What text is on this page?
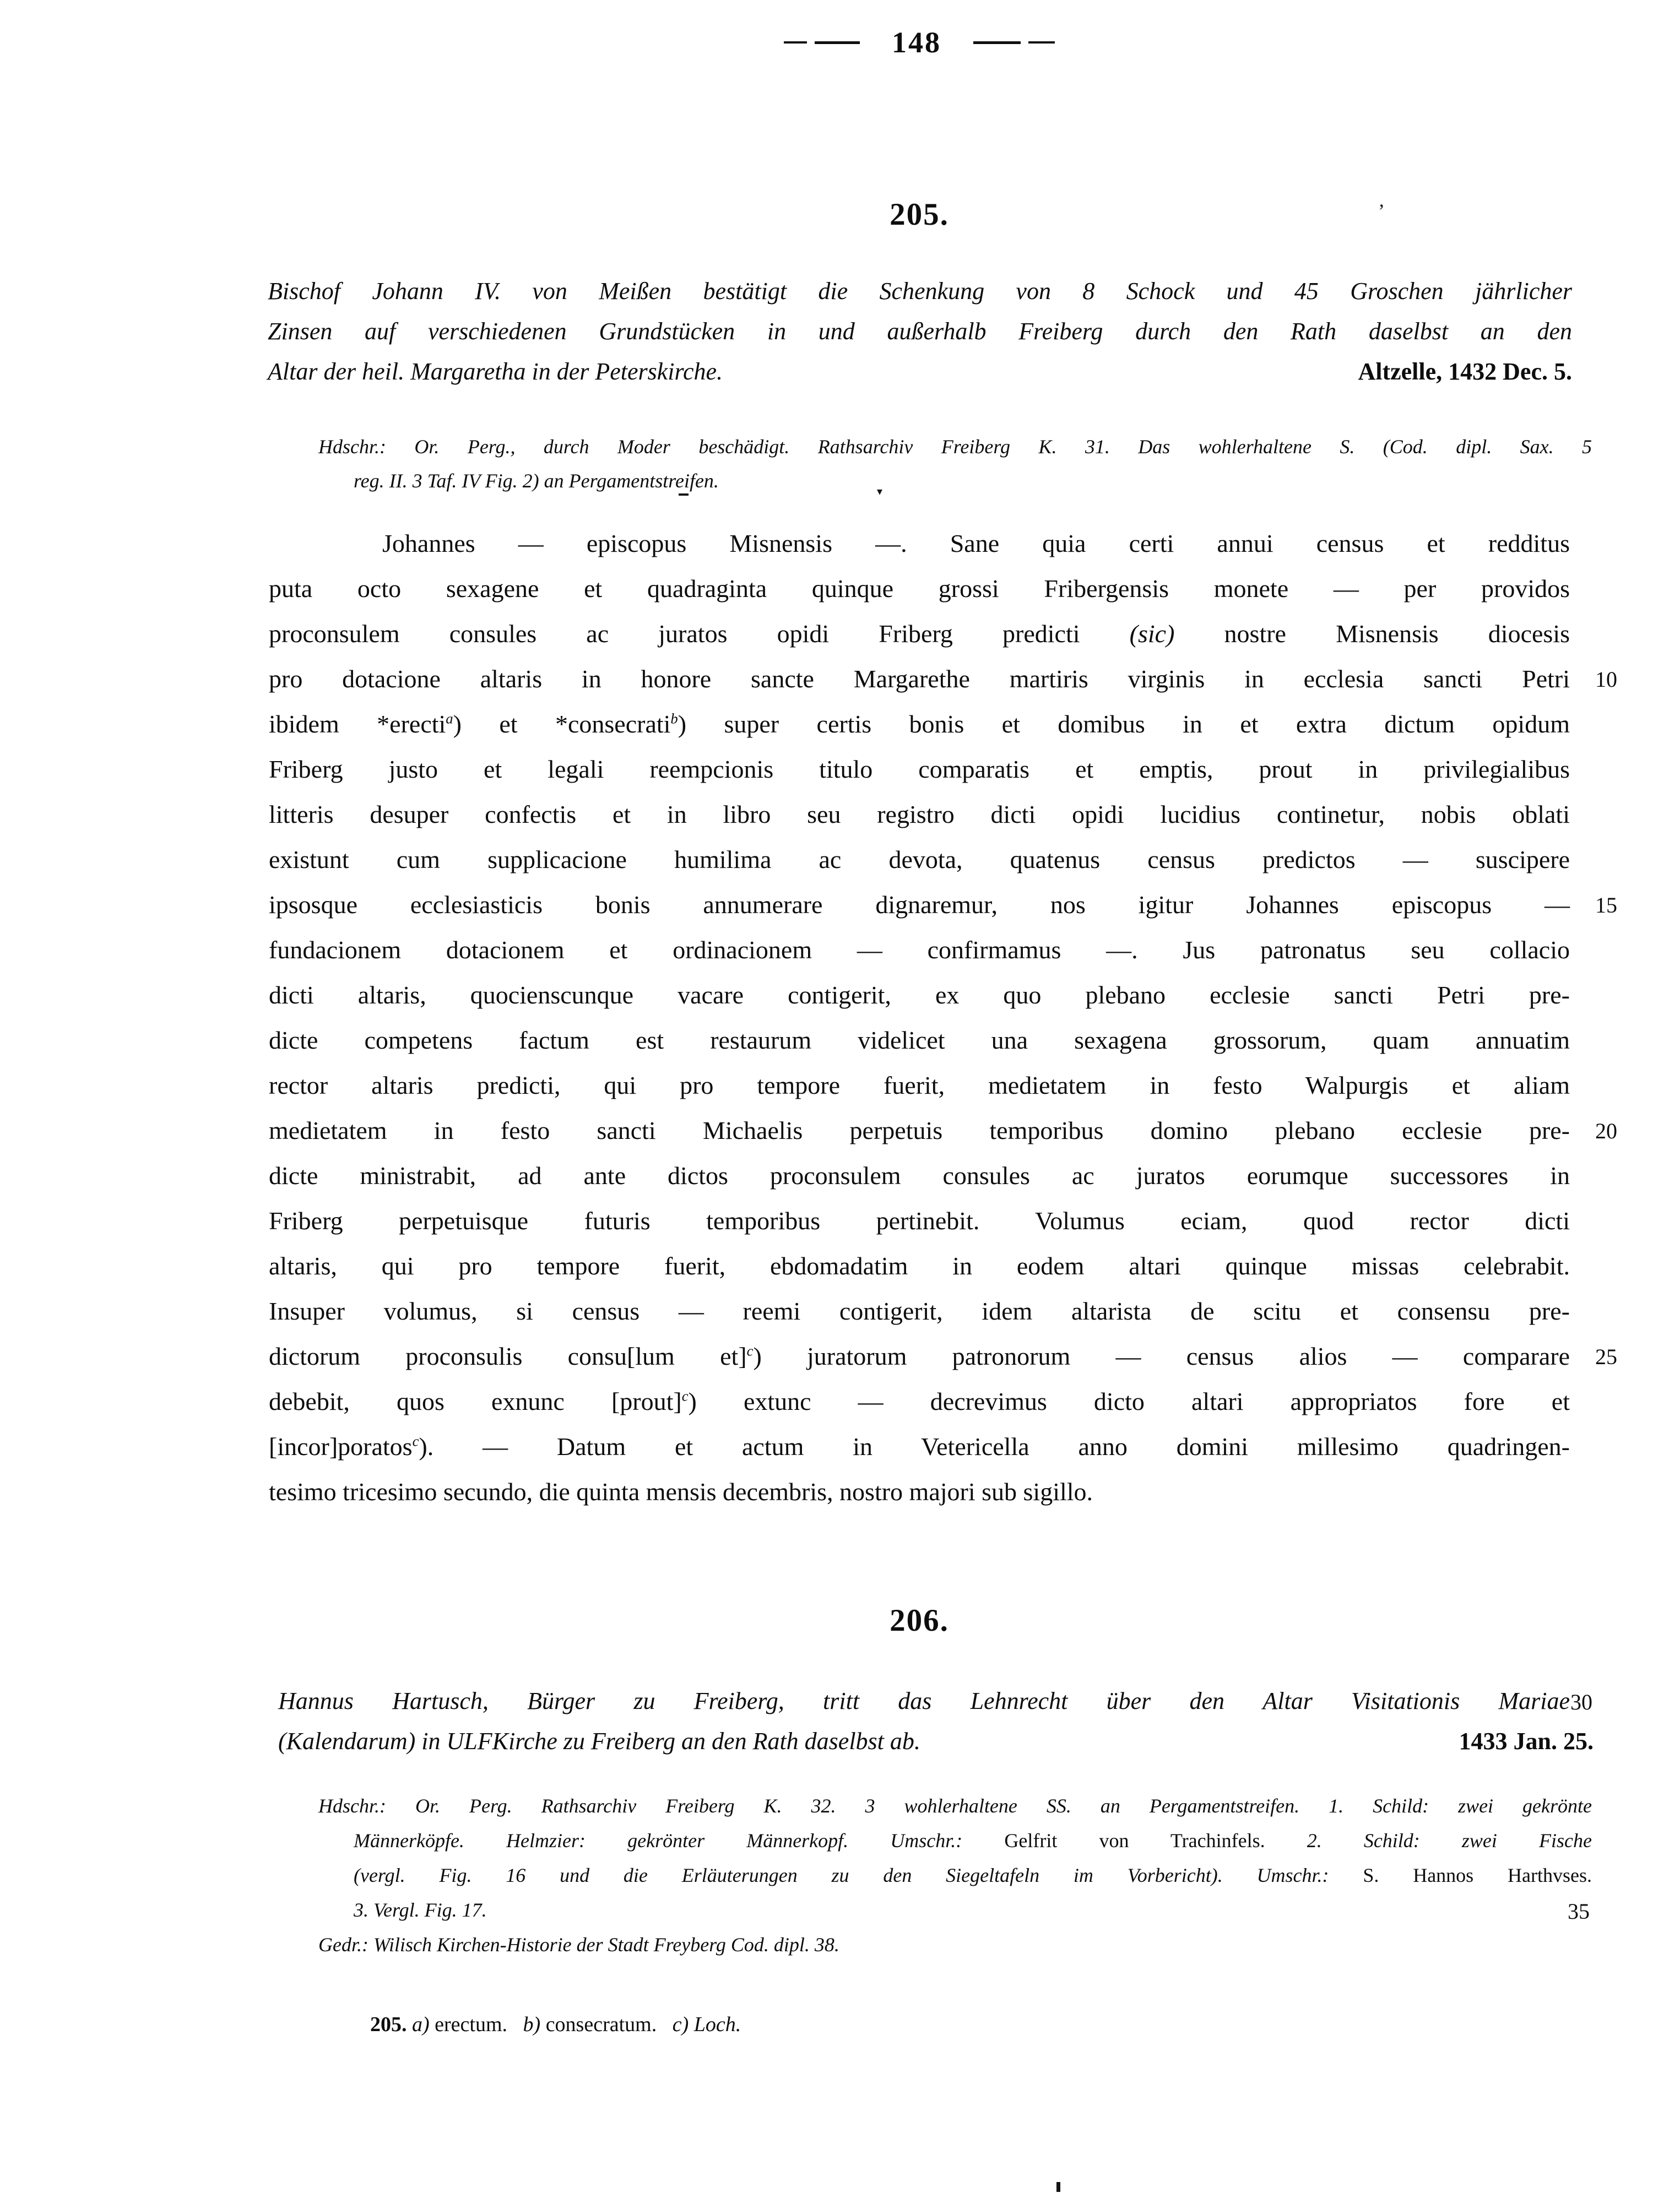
148
205.
Bischof Johann IV. von Meißen bestätigt die Schenkung von 8 Schock und 45 Groschen jährlicher
Zinsen auf verschiedenen Grundstücken in und außerhalb Freiberg durch den Rath daselbst an den
Altar der heil. Margaretha in der Peterskirche.	Altzelle, 1432 Dec. 5.
Hdschr.: Or. Perg., durch Moder beschädigt. Rathsarchiv Freiberg K. 31. Das wohlerhaltene S. (Cod. dipl. Sax. 5
reg. II. 3 Taf. IV Fig. 2) an Pergamentstreifen.
Johannes — episcopus Misnensis —. Sane quia certi annui census et redditus
puta octo sexagene et quadraginta quinque grossi Fribergensis monete — per providos
proconsulem consules ac juratos opidi Friberg predicti (sic) nostre Misnensis diocesis
pro dotacione altaris in honore sancte Margarethe martiris virginis in ecclesia sancti Petri	10
ibidem *erecti$^a$) et *consecrati$^b$) super certis bonis et domibus in et extra dictum opidum
Friberg justo et legali reempcionis titulo comparatis et emptis, prout in privilegialibus
litteris desuper confectis et in libro seu registro dicti opidi lucidius continetur, nobis oblati
existunt cum supplicacione humilima ac devota, quatenus census predictos — suscipere
ipsosque ecclesiasticis bonis annumerare dignaremur, nos igitur Johannes episcopus —	15
fundacionem dotacionem et ordinacionem — confirmamus —. Jus patronatus seu collacio
dicti altaris, quocienscunque vacare contigerit, ex quo plebano ecclesie sancti Petri pre-
dicte competens factum est restaurum videlicet una sexagena grossorum, quam annuatim
rector altaris predicti, qui pro tempore fuerit, medietatem in festo Walpurgis et aliam
medietatem in festo sancti Michaelis perpetuis temporibus domino plebano ecclesie pre-	20
dicte ministrabit, ad ante dictos proconsulem consules ac juratos eorumque successores in
Friberg perpetuisque futuris temporibus pertinebit. Volumus eciam, quod rector dicti
altaris, qui pro tempore fuerit, ebdomadatim in eodem altari quinque missas celebrabit.
Insuper volumus, si census — reemi contigerit, idem altarista de scitu et consensu pre-
dictorum proconsulis consu[lum et]$^c$) juratorum patronorum — census alios — comparare	25
debebit, quos exnunc [prout]$^c$) extunc — decrevimus dicto altari appropriatos fore et
[incor]poratos$^c$). — Datum et actum in Vetericella anno domini millesimo quadringen-
tesimo tricesimo secundo, die quinta mensis decembris, nostro majori sub sigillo.
206.
Hannus Hartusch, Bürger zu Freiberg, tritt das Lehnrecht über den Altar Visitationis Mariae 30
(Kalendarum) in ULFKirche zu Freiberg an den Rath daselbst ab.	1433 Jan. 25.
Hdschr.: Or. Perg. Rathsarchiv Freiberg K. 32. 3 wohlerhaltene SS. an Pergamentstreifen. 1. Schild: zwei gekrönte
Männerköpfe. Helmzier: gekrönter Männerkopf. Umschr.: Gelfrit von Trachinfels. 2. Schild: zwei Fische
(vergl. Fig. 16 und die Erläuterungen zu den Siegeltafeln im Vorbericht). Umschr.: S. Hannos Harthvses.
3. Vergl. Fig. 17.	35
Gedr.: Wilisch Kirchen-Historie der Stadt Freyberg Cod. dipl. 38.
205. a) erectum.  b) consecratum.  c) Loch.
’
▾
